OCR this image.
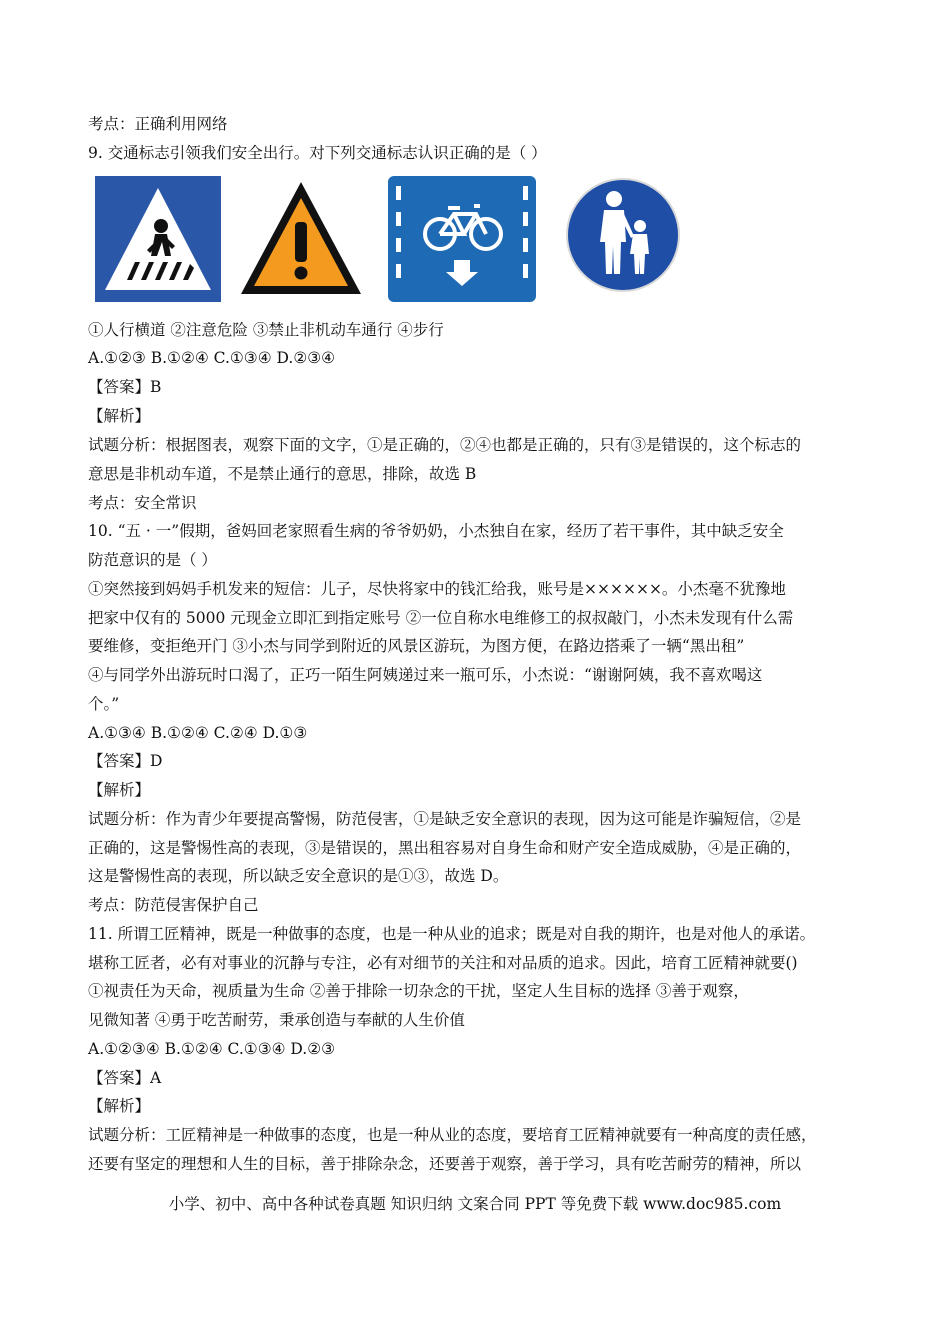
考点：正确利用网络
9. 交通标志引领我们安全出行。对下列交通标志认识正确的是（ ）
①人行横道 ②注意危险 ③禁止非机动车通行 ④步行
A.①②③ B.①②④ C.①③④ D.②③④
【答案】B
【解析】
试题分析：根据图表，观察下面的文字，①是正确的，②④也都是正确的，只有③是错误的，这个标志的
意思是非机动车道，不是禁止通行的意思，排除，故选 B
考点：安全常识
10. “五 · 一”假期，爸妈回老家照看生病的爷爷奶奶，小杰独自在家，经历了若干事件，其中缺乏安全
防范意识的是（ ）
①突然接到妈妈手机发来的短信：儿子，尽快将家中的钱汇给我，账号是××××××。小杰毫不犹豫地
把家中仅有的 5000 元现金立即汇到指定账号 ②一位自称水电维修工的叔叔敲门，小杰未发现有什么需
要维修，变拒绝开门 ③小杰与同学到附近的风景区游玩，为图方便，在路边搭乘了一辆“黑出租”
④与同学外出游玩时口渴了，正巧一陌生阿姨递过来一瓶可乐，小杰说：“谢谢阿姨，我不喜欢喝这
个。”
A.①③④ B.①②④ C.②④ D.①③
【答案】D
【解析】
试题分析：作为青少年要提高警惕，防范侵害，①是缺乏安全意识的表现，因为这可能是诈骗短信，②是
正确的，这是警惕性高的表现，③是错误的，黑出租容易对自身生命和财产安全造成威胁，④是正确的，
这是警惕性高的表现，所以缺乏安全意识的是①③，故选 D。
考点：防范侵害保护自己
11. 所谓工匠精神，既是一种做事的态度，也是一种从业的追求；既是对自我的期许，也是对他人的承诺。
堪称工匠者，必有对事业的沉静与专注，必有对细节的关注和对品质的追求。因此，培育工匠精神就要()
①视责任为天命，视质量为生命 ②善于排除一切杂念的干扰，坚定人生目标的选择 ③善于观察，
见微知著 ④勇于吃苦耐劳，秉承创造与奉献的人生价值
A.①②③④ B.①②④ C.①③④ D.②③
【答案】A
【解析】
试题分析：工匠精神是一种做事的态度，也是一种从业的态度，要培育工匠精神就要有一种高度的责任感，
还要有坚定的理想和人生的目标，善于排除杂念，还要善于观察，善于学习，具有吃苦耐劳的精神，所以
小学、初中、高中各种试卷真题 知识归纳 文案合同 PPT 等免费下载 www.doc985.com
